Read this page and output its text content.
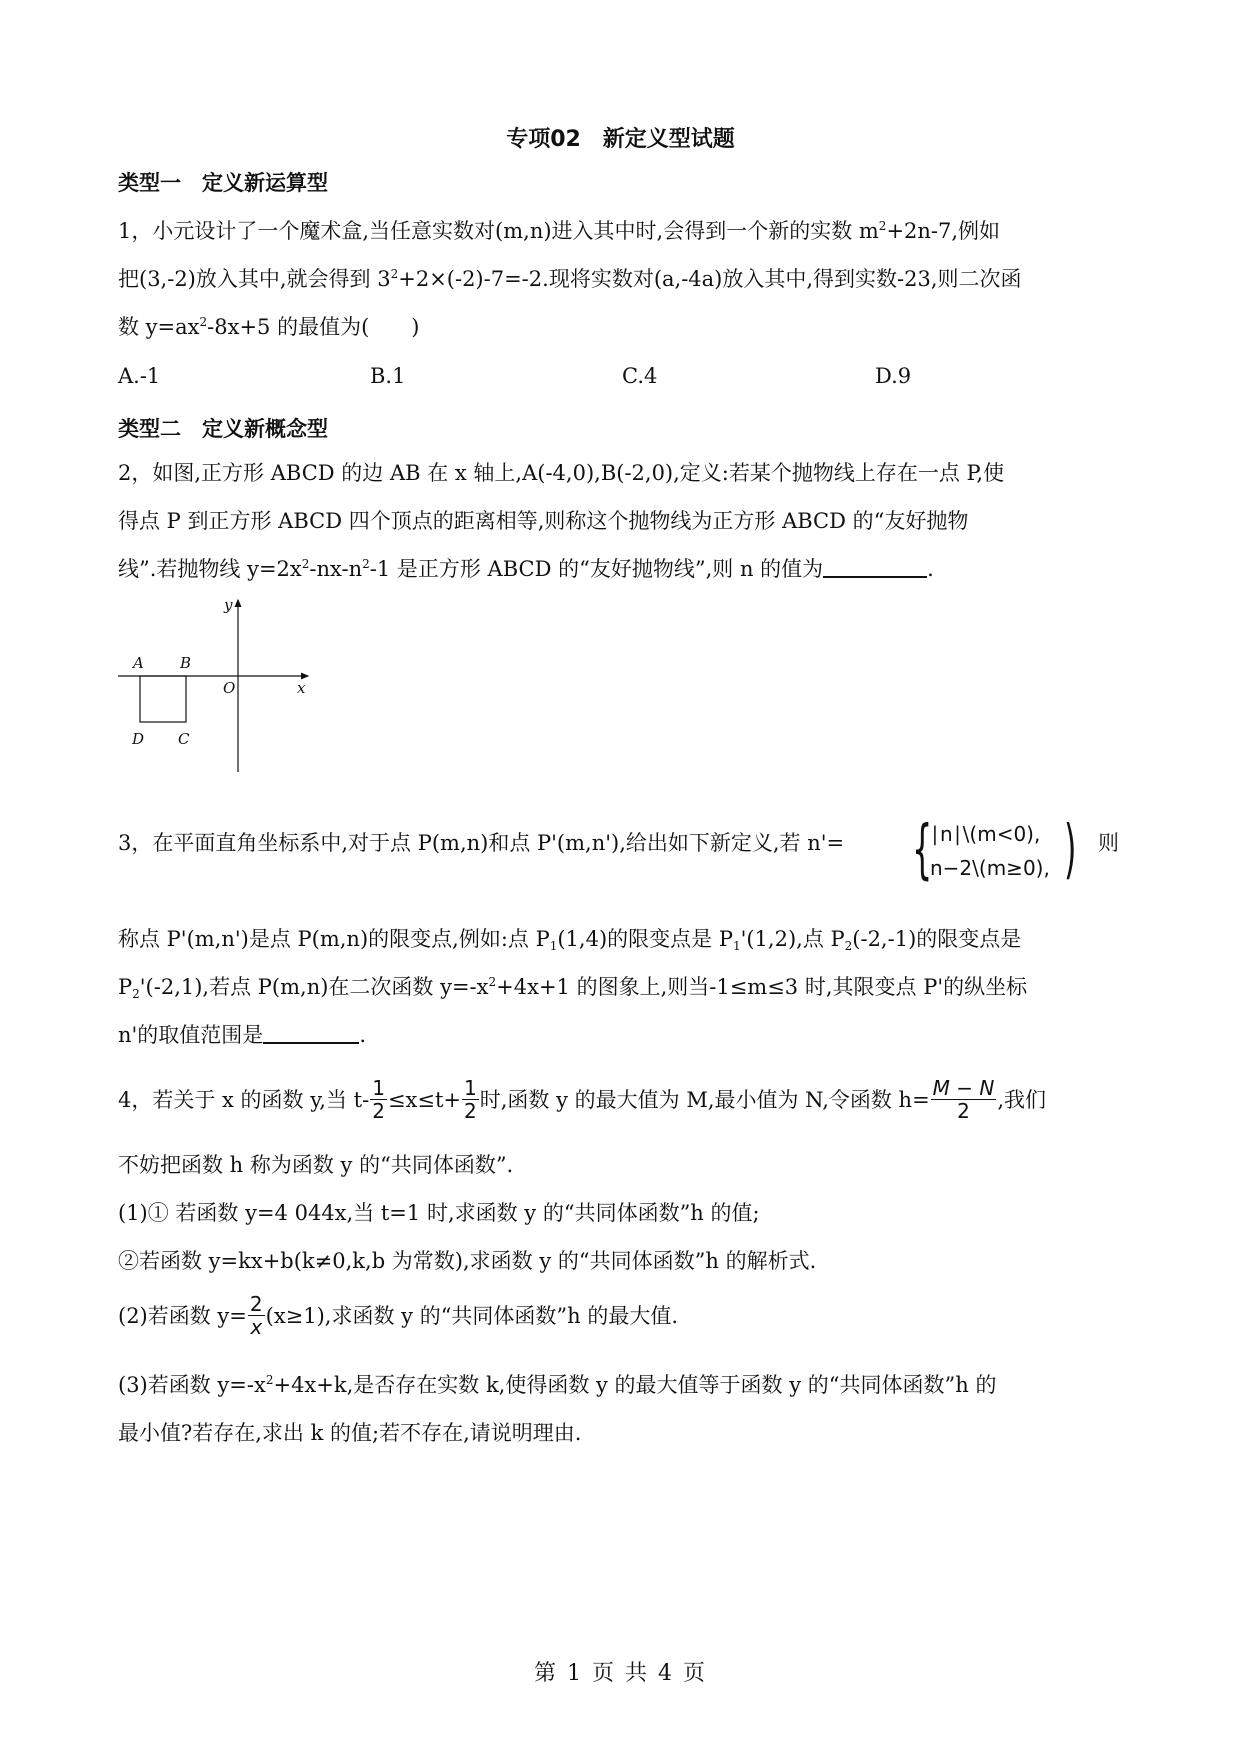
专项02　新定义型试题
类型一　定义新运算型
1，小元设计了一个魔术盒,当任意实数对(m,n)进入其中时,会得到一个新的实数 $m^2+2n-7$,例如
把(3,-2)放入其中,就会得到 $3^2+2\times(-2)-7=-2$.现将实数对(a,-4a)放入其中,得到实数-23,则二次函
数 $y=ax^2-8x+5$ 的最值为(　　)
A.-1	B.1	C.4	D.9
类型二　定义新概念型
2，如图,正方形 ABCD 的边 AB 在 x 轴上,A(-4,0),B(-2,0),定义:若某个抛物线上存在一点 P,使
得点 P 到正方形 ABCD 四个顶点的距离相等,则称这个抛物线为正方形 ABCD 的“友好抛物
线”.若抛物线 $y=2x^2-nx-n^2-1$ 是正方形 ABCD 的“友好抛物线”,则 n 的值为	.
A B
O	x
y
D C
3，在平面直角坐标系中,对于点 P(m,n)和点 P'(m,n'),给出如下新定义,若 n'= {
∣n∣\(m<0),
n−2\(m≥0), ) 则
称点 P'(m,n')是点 P(m,n)的限变点,例如:点 $P_1(1,4)$的限变点是 $P_1'(1,2)$,点 $P_2(-2,-1)$的限变点是
$P_2'(-2,1)$,若点 P(m,n)在二次函数 $y=-x^2+4x+1$ 的图象上,则当-1≤m≤3 时,其限变点 P'的纵坐标
n'的取值范围是	.
4，若关于 x 的函数 y,当 $t- \frac{1}{2} \le x\le t+ \frac{1}{2}$ 时,函数 y 的最大值为 M,最小值为 N,令函数 $h= \frac{M - N}{2}$ ,我们
不妨把函数 h 称为函数 y 的“共同体函数”.
(1)① 若函数 y=4 044x,当 t=1 时,求函数 y 的“共同体函数”h 的值;
②若函数 y=kx+b(k≠0,k,b 为常数),求函数 y 的“共同体函数”h 的解析式.
(2)若函数 $y= \frac{2}{x} (x\ge 1)$,求函数 y 的“共同体函数”h 的最大值.
(3)若函数 $y=-x^2+4x+k$,是否存在实数 k,使得函数 y 的最大值等于函数 y 的“共同体函数”h 的
最小值?若存在,求出 k 的值;若不存在,请说明理由.
第 1 页 共 4 页
